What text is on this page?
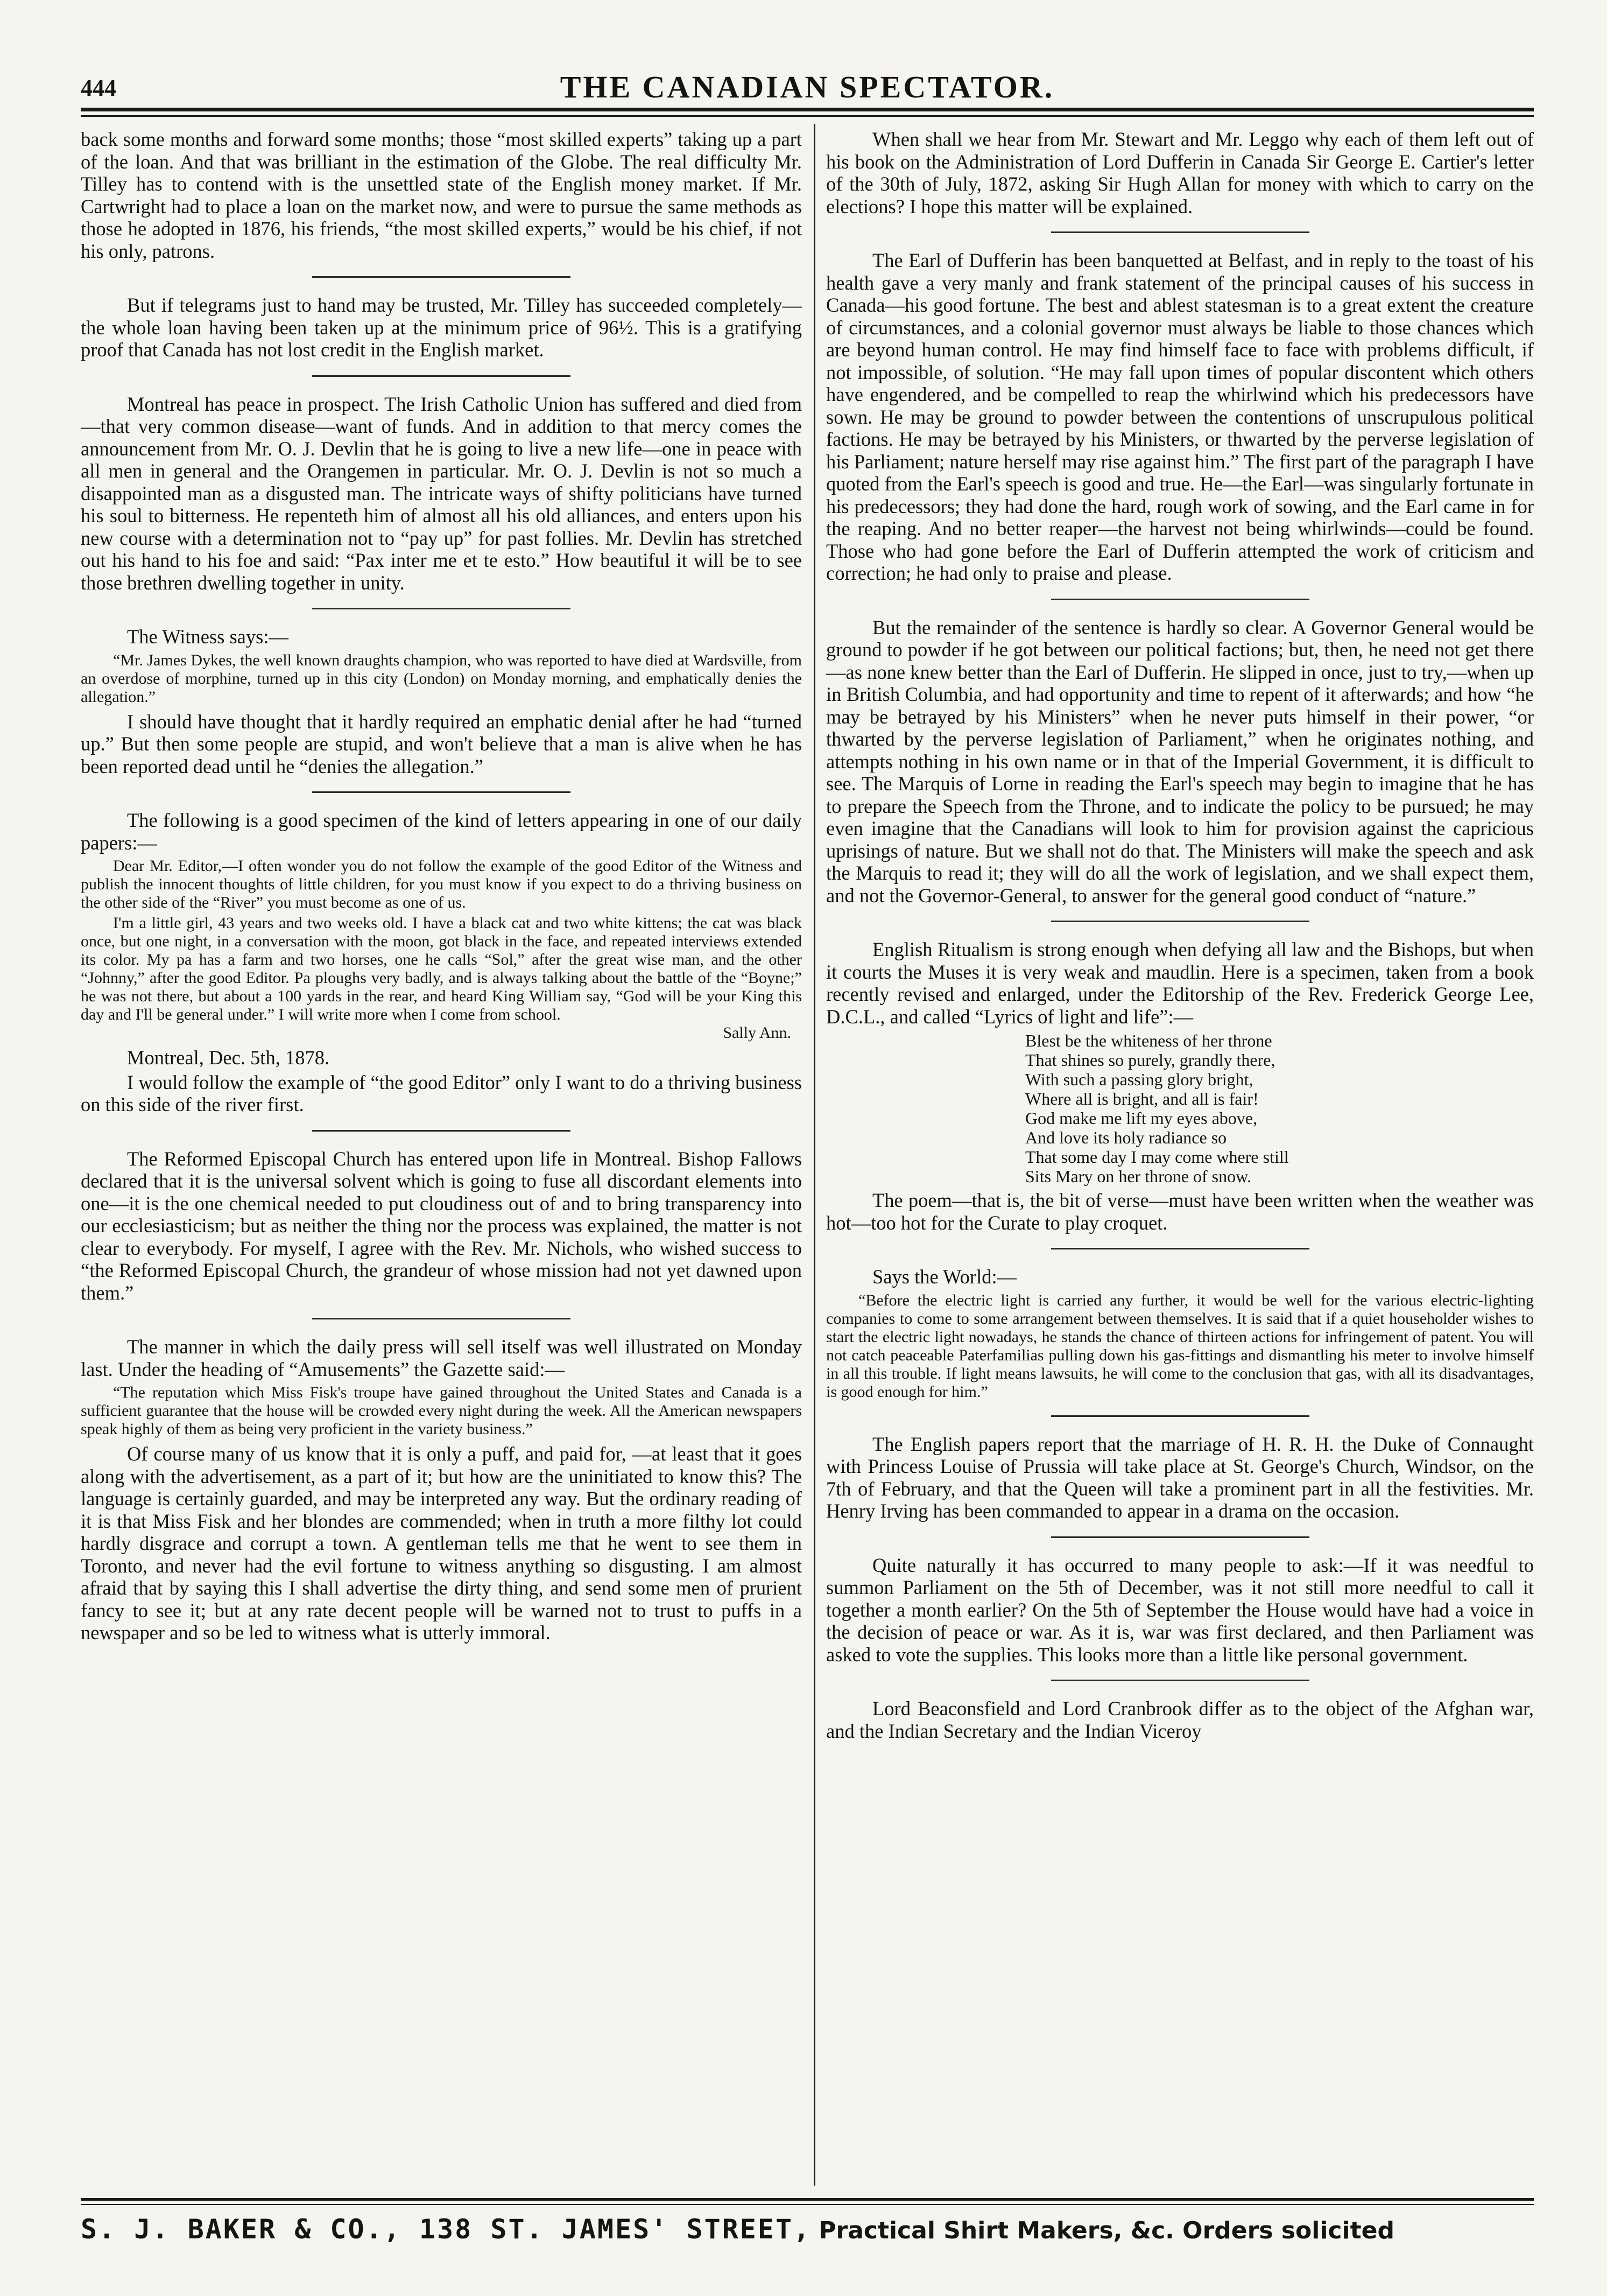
444	THE CANADIAN SPECTATOR.

back some months and forward some months; those “most skilled experts” taking up a part of the loan. And that was brilliant in the estimation of the Globe. The real difficulty Mr. Tilley has to contend with is the unsettled state of the English money market. If Mr. Cartwright had to place a loan on the market now, and were to pursue the same methods as those he adopted in 1876, his friends, “the most skilled experts,” would be his chief, if not his only, patrons.

But if telegrams just to hand may be trusted, Mr. Tilley has succeeded completely—the whole loan having been taken up at the minimum price of 96½. This is a gratifying proof that Canada has not lost credit in the English market.

Montreal has peace in prospect. The Irish Catholic Union has suffered and died from—that very common disease—want of funds. And in addition to that mercy comes the announcement from Mr. O. J. Devlin that he is going to live a new life—one in peace with all men in general and the Orangemen in particular. Mr. O. J. Devlin is not so much a disappointed man as a disgusted man. The intricate ways of shifty politicians have turned his soul to bitterness. He repenteth him of almost all his old alliances, and enters upon his new course with a determination not to “pay up” for past follies. Mr. Devlin has stretched out his hand to his foe and said: “Pax inter me et te esto.” How beautiful it will be to see those brethren dwelling together in unity.

The Witness says:—

“Mr. James Dykes, the well known draughts champion, who was reported to have died at Wardsville, from an overdose of morphine, turned up in this city (London) on Monday morning, and emphatically denies the allegation.”

I should have thought that it hardly required an emphatic denial after he had “turned up.” But then some people are stupid, and won't believe that a man is alive when he has been reported dead until he “denies the allegation.”

The following is a good specimen of the kind of letters appearing in one of our daily papers:—

Dear Mr. Editor,—I often wonder you do not follow the example of the good Editor of the Witness and publish the innocent thoughts of little children, for you must know if you expect to do a thriving business on the other side of the “River” you must become as one of us.

I'm a little girl, 43 years and two weeks old. I have a black cat and two white kittens; the cat was black once, but one night, in a conversation with the moon, got black in the face, and repeated interviews extended its color. My pa has a farm and two horses, one he calls “Sol,” after the great wise man, and the other “Johnny,” after the good Editor. Pa ploughs very badly, and is always talking about the battle of the “Boyne;” he was not there, but about a 100 yards in the rear, and heard King William say, “God will be your King this day and I'll be general under.” I will write more when I come from school.

Sally Ann.

Montreal, Dec. 5th, 1878.

I would follow the example of “the good Editor” only I want to do a thriving business on this side of the river first.

The Reformed Episcopal Church has entered upon life in Montreal. Bishop Fallows declared that it is the universal solvent which is going to fuse all discordant elements into one—it is the one chemical needed to put cloudiness out of and to bring transparency into our ecclesiasticism; but as neither the thing nor the process was explained, the matter is not clear to everybody. For myself, I agree with the Rev. Mr. Nichols, who wished success to “the Reformed Episcopal Church, the grandeur of whose mission had not yet dawned upon them.”

The manner in which the daily press will sell itself was well illustrated on Monday last. Under the heading of “Amusements” the Gazette said:—

“The reputation which Miss Fisk's troupe have gained throughout the United States and Canada is a sufficient guarantee that the house will be crowded every night during the week. All the American newspapers speak highly of them as being very proficient in the variety business.”

Of course many of us know that it is only a puff, and paid for, —at least that it goes along with the advertisement, as a part of it; but how are the uninitiated to know this? The language is certainly guarded, and may be interpreted any way. But the ordinary reading of it is that Miss Fisk and her blondes are commended; when in truth a more filthy lot could hardly disgrace and corrupt a town. A gentleman tells me that he went to see them in Toronto, and never had the evil fortune to witness anything so disgusting. I am almost afraid that by saying this I shall advertise the dirty thing, and send some men of prurient fancy to see it; but at any rate decent people will be warned not to trust to puffs in a newspaper and so be led to witness what is utterly immoral.

When shall we hear from Mr. Stewart and Mr. Leggo why each of them left out of his book on the Administration of Lord Dufferin in Canada Sir George E. Cartier's letter of the 30th of July, 1872, asking Sir Hugh Allan for money with which to carry on the elections? I hope this matter will be explained.

The Earl of Dufferin has been banquetted at Belfast, and in reply to the toast of his health gave a very manly and frank statement of the principal causes of his success in Canada—his good fortune. The best and ablest statesman is to a great extent the creature of circumstances, and a colonial governor must always be liable to those chances which are beyond human control. He may find himself face to face with problems difficult, if not impossible, of solution. “He may fall upon times of popular discontent which others have engendered, and be compelled to reap the whirlwind which his predecessors have sown. He may be ground to powder between the contentions of unscrupulous political factions. He may be betrayed by his Ministers, or thwarted by the perverse legislation of his Parliament; nature herself may rise against him.” The first part of the paragraph I have quoted from the Earl's speech is good and true. He—the Earl—was singularly fortunate in his predecessors; they had done the hard, rough work of sowing, and the Earl came in for the reaping. And no better reaper—the harvest not being whirlwinds—could be found. Those who had gone before the Earl of Dufferin attempted the work of criticism and correction; he had only to praise and please.

But the remainder of the sentence is hardly so clear. A Governor General would be ground to powder if he got between our political factions; but, then, he need not get there—as none knew better than the Earl of Dufferin. He slipped in once, just to try,—when up in British Columbia, and had opportunity and time to repent of it afterwards; and how “he may be betrayed by his Ministers” when he never puts himself in their power, “or thwarted by the perverse legislation of Parliament,” when he originates nothing, and attempts nothing in his own name or in that of the Imperial Government, it is difficult to see. The Marquis of Lorne in reading the Earl's speech may begin to imagine that he has to prepare the Speech from the Throne, and to indicate the policy to be pursued; he may even imagine that the Canadians will look to him for provision against the capricious uprisings of nature. But we shall not do that. The Ministers will make the speech and ask the Marquis to read it; they will do all the work of legislation, and we shall expect them, and not the Governor-General, to answer for the general good conduct of “nature.”

English Ritualism is strong enough when defying all law and the Bishops, but when it courts the Muses it is very weak and maudlin. Here is a specimen, taken from a book recently revised and enlarged, under the Editorship of the Rev. Frederick George Lee, D.C.L., and called “Lyrics of light and life”:—

Blest be the whiteness of her throne
That shines so purely, grandly there,
With such a passing glory bright,
Where all is bright, and all is fair!
God make me lift my eyes above,
And love its holy radiance so
That some day I may come where still
Sits Mary on her throne of snow.

The poem—that is, the bit of verse—must have been written when the weather was hot—too hot for the Curate to play croquet.

Says the World:—

“Before the electric light is carried any further, it would be well for the various electric-lighting companies to come to some arrangement between themselves. It is said that if a quiet householder wishes to start the electric light nowadays, he stands the chance of thirteen actions for infringement of patent. You will not catch peaceable Paterfamilias pulling down his gas-fittings and dismantling his meter to involve himself in all this trouble. If light means lawsuits, he will come to the conclusion that gas, with all its disadvantages, is good enough for him.”

The English papers report that the marriage of H. R. H. the Duke of Connaught with Princess Louise of Prussia will take place at St. George's Church, Windsor, on the 7th of February, and that the Queen will take a prominent part in all the festivities. Mr. Henry Irving has been commanded to appear in a drama on the occasion.

Quite naturally it has occurred to many people to ask:—If it was needful to summon Parliament on the 5th of December, was it not still more needful to call it together a month earlier? On the 5th of September the House would have had a voice in the decision of peace or war. As it is, war was first declared, and then Parliament was asked to vote the supplies. This looks more than a little like personal government.

Lord Beaconsfield and Lord Cranbrook differ as to the object of the Afghan war, and the Indian Secretary and the Indian Viceroy

S. J. BAKER & CO., 138 ST. JAMES' STREET, Practical Shirt Makers, &c. Orders solicited
